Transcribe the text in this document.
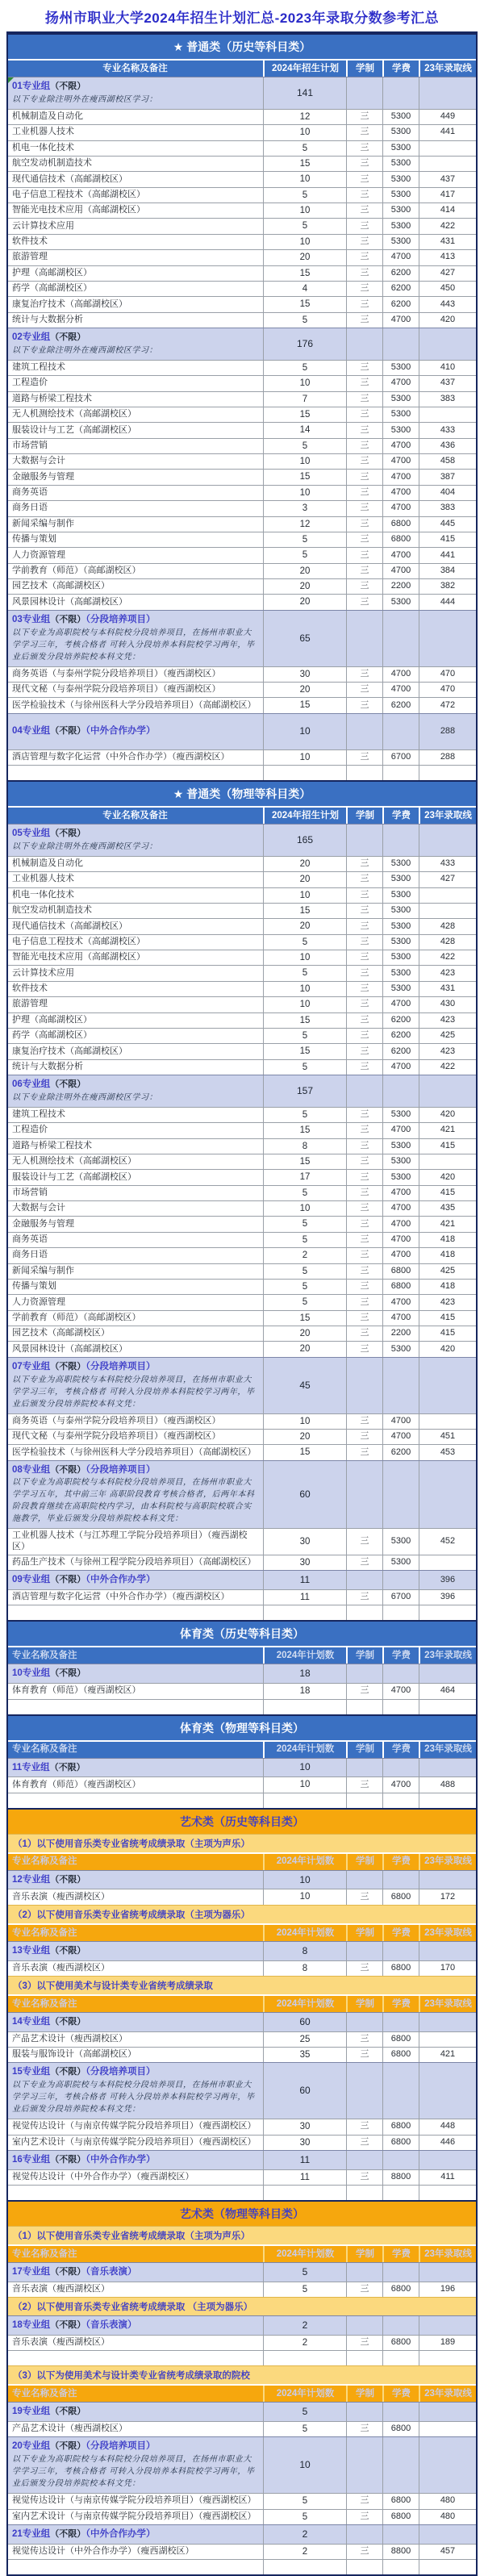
扬州市职业大学2024年招生计划汇总-2023年录取分数参考汇总
★ 普通类（历史等科目类）
专业名称及备注	2024年招生计划	学制	学费	23年录取线
01专业组（不限）
以下专业除注明外在瘦西湖校区学习：
141
机械制造及自动化	12	三	5300	449
工业机器人技术	10	三	5300	441
机电一体化技术	5	三	5300
航空发动机制造技术	15	三	5300
现代通信技术（高邮湖校区）	10	三	5300	437
电子信息工程技术（高邮湖校区）	5	三	5300	417
智能光电技术应用（高邮湖校区）	10	三	5300	414
云计算技术应用	5	三	5300	422
软件技术	10	三	5300	431
旅游管理	20	三	4700	413
护理（高邮湖校区）	15	三	6200	427
药学（高邮湖校区）	4	三	6200	450
康复治疗技术（高邮湖校区）	15	三	6200	443
统计与大数据分析	5	三	4700	420
02专业组（不限）
以下专业除注明外在瘦西湖校区学习：
176
建筑工程技术	5	三	5300	410
工程造价	10	三	4700	437
道路与桥梁工程技术	7	三	5300	383
无人机测绘技术（高邮湖校区）	15	三	5300
服装设计与工艺（高邮湖校区）	14	三	5300	433
市场营销	5	三	4700	436
大数据与会计	10	三	4700	458
金融服务与管理	15	三	4700	387
商务英语	10	三	4700	404
商务日语	3	三	4700	383
新闻采编与制作	12	三	6800	445
传播与策划	5	三	6800	415
人力资源管理	5	三	4700	441
学前教育（师范）（高邮湖校区）	20	三	4700	384
园艺技术（高邮湖校区）	20	三	2200	382
风景园林设计（高邮湖校区）	20	三	5300	444
03专业组（不限）（分段培养项目）
以下专业为高职院校与本科院校分段培养项目，在扬州市职业大学学习三年，考核合格者 可转入分段培养本科院校学习两年，毕业后颁发分段培养院校本科文凭：
65
商务英语（与泰州学院分段培养项目）（瘦西湖校区）	30	三	4700	470
现代文秘（与泰州学院分段培养项目）（瘦西湖校区）	20	三	4700	470
医学检验技术（与徐州医科大学分段培养项目）（高邮湖校区）	15	三	6200	472
04专业组（不限）（中外合作办学）	10	288
酒店管理与数字化运营（中外合作办学）（瘦西湖校区）	10	三	6700	288
★ 普通类（物理等科目类）
专业名称及备注	2024年招生计划	学制	学费	23年录取线
05专业组（不限）
以下专业除注明外在瘦西湖校区学习：
165
机械制造及自动化	20	三	5300	433
工业机器人技术	20	三	5300	427
机电一体化技术	10	三	5300
航空发动机制造技术	15	三	5300
现代通信技术（高邮湖校区）	20	三	5300	428
电子信息工程技术（高邮湖校区）	5	三	5300	428
智能光电技术应用（高邮湖校区）	10	三	5300	422
云计算技术应用	5	三	5300	423
软件技术	10	三	5300	431
旅游管理	10	三	4700	430
护理（高邮湖校区）	15	三	6200	423
药学（高邮湖校区）	5	三	6200	425
康复治疗技术（高邮湖校区）	15	三	6200	423
统计与大数据分析	5	三	4700	422
06专业组（不限）
以下专业除注明外在瘦西湖校区学习：
157
建筑工程技术	5	三	5300	420
工程造价	15	三	4700	421
道路与桥梁工程技术	8	三	5300	415
无人机测绘技术（高邮湖校区）	15	三	5300
服装设计与工艺（高邮湖校区）	17	三	5300	420
市场营销	5	三	4700	415
大数据与会计	10	三	4700	435
金融服务与管理	5	三	4700	421
商务英语	5	三	4700	418
商务日语	2	三	4700	418
新闻采编与制作	5	三	6800	425
传播与策划	5	三	6800	418
人力资源管理	5	三	4700	423
学前教育（师范）（高邮湖校区）	15	三	4700	415
园艺技术（高邮湖校区）	20	三	2200	415
风景园林设计（高邮湖校区）	20	三	5300	420
07专业组（不限）（分段培养项目）
以下专业为高职院校与本科院校分段培养项目，在扬州市职业大学学习三年，考核合格者 可转入分段培养本科院校学习两年，毕业后颁发分段培养院校本科文凭：
45
商务英语（与泰州学院分段培养项目）（瘦西湖校区）	10	三	4700
现代文秘（与泰州学院分段培养项目）（瘦西湖校区）	20	三	4700	451
医学检验技术（与徐州医科大学分段培养项目）（高邮湖校区）	15	三	6200	453
08专业组（不限）（分段培养项目）
以下专业为高职院校与本科院校分段培养项目，在扬州市职业大学学习五年，其中前三年 高职阶段教育考核合格者，后两年本科阶段教育继续在高职院校内学习，由本科院校与高职院校联合实施教学，毕业后颁发分段培养院校本科文凭：
60
工业机器人技术（与江苏理工学院分段培养项目）（瘦西湖校区）
30	三	5300	452
药品生产技术（与徐州工程学院分段培养项目）（高邮湖校区）	30	三	5300
09专业组（不限）（中外合作办学）	11	396
酒店管理与数字化运营（中外合作办学）（瘦西湖校区）	11	三	6700	396
体育类（历史等科目类）
专业名称及备注	2024年计划数	学制	学费	23年录取线
10专业组（不限）	18
体育教育（师范）（瘦西湖校区）	18	三	4700	464
体育类（物理等科目类）
专业名称及备注	2024年计划数	学制	学费	23年录取线
11专业组（不限）	10
体育教育（师范）（瘦西湖校区）	10	三	4700	488
艺术类（历史等科目类）
（1）以下使用音乐类专业省统考成绩录取（主项为声乐）
专业名称及备注	2024年计划数	学制	学费	23年录取线
12专业组（不限）	10
音乐表演（瘦西湖校区）	10	三	6800	172
（2）以下使用音乐类专业省统考成绩录取（主项为器乐）
专业名称及备注	2024年计划数	学制	学费	23年录取线
13专业组（不限）	8
音乐表演（瘦西湖校区）	8	三	6800	170
（3）以下使用美术与设计类专业省统考成绩录取
专业名称及备注	2024年计划数	学制	学费	23年录取线
14专业组（不限）	60
产品艺术设计（瘦西湖校区）	25	三	6800
服装与服饰设计（高邮湖校区）	35	三	6800	421
15专业组（不限）（分段培养项目）
以下专业为高职院校与本科院校分段培养项目，在扬州市职业大学学习三年，考核合格者 可转入分段培养本科院校学习两年，毕业后颁发分段培养院校本科文凭：
60
视觉传达设计（与南京传媒学院分段培养项目）（瘦西湖校区）	30	三	6800	448
室内艺术设计（与南京传媒学院分段培养项目）（瘦西湖校区）	30	三	6800	446
16专业组（不限）（中外合作办学）	11
视觉传达设计（中外合作办学）（瘦西湖校区）	11	三	8800	411
艺术类（物理等科目类）
（1）以下使用音乐类专业省统考成绩录取（主项为声乐）
专业名称及备注	2024年计划数	学制	学费	23年录取线
17专业组（不限）（音乐表演）	5
音乐表演（瘦西湖校区）	5	三	6800	196
（2）以下使用音乐类专业省统考成绩录取 （主项为器乐）
18专业组（不限）（音乐表演）	2
音乐表演（瘦西湖校区）	2	三	6800	189
（3）以下为使用美术与设计类专业省统考成绩录取的院校
专业名称及备注	2024年计划数	学制	学费	23年录取线
19专业组（不限）	5
产品艺术设计（瘦西湖校区）	5	三	6800
20专业组（不限）（分段培养项目）
以下专业为高职院校与本科院校分段培养项目，在扬州市职业大学学习三年，考核合格者 可转入分段培养本科院校学习两年，毕业后颁发分段培养院校本科文凭：
10
视觉传达设计（与南京传媒学院分段培养项目）（瘦西湖校区）	5	三	6800	480
室内艺术设计（与南京传媒学院分段培养项目）（瘦西湖校区）	5	三	6800	480
21专业组（不限）（中外合作办学）	2
视觉传达设计（中外合作办学）（瘦西湖校区）	2	三	8800	457
